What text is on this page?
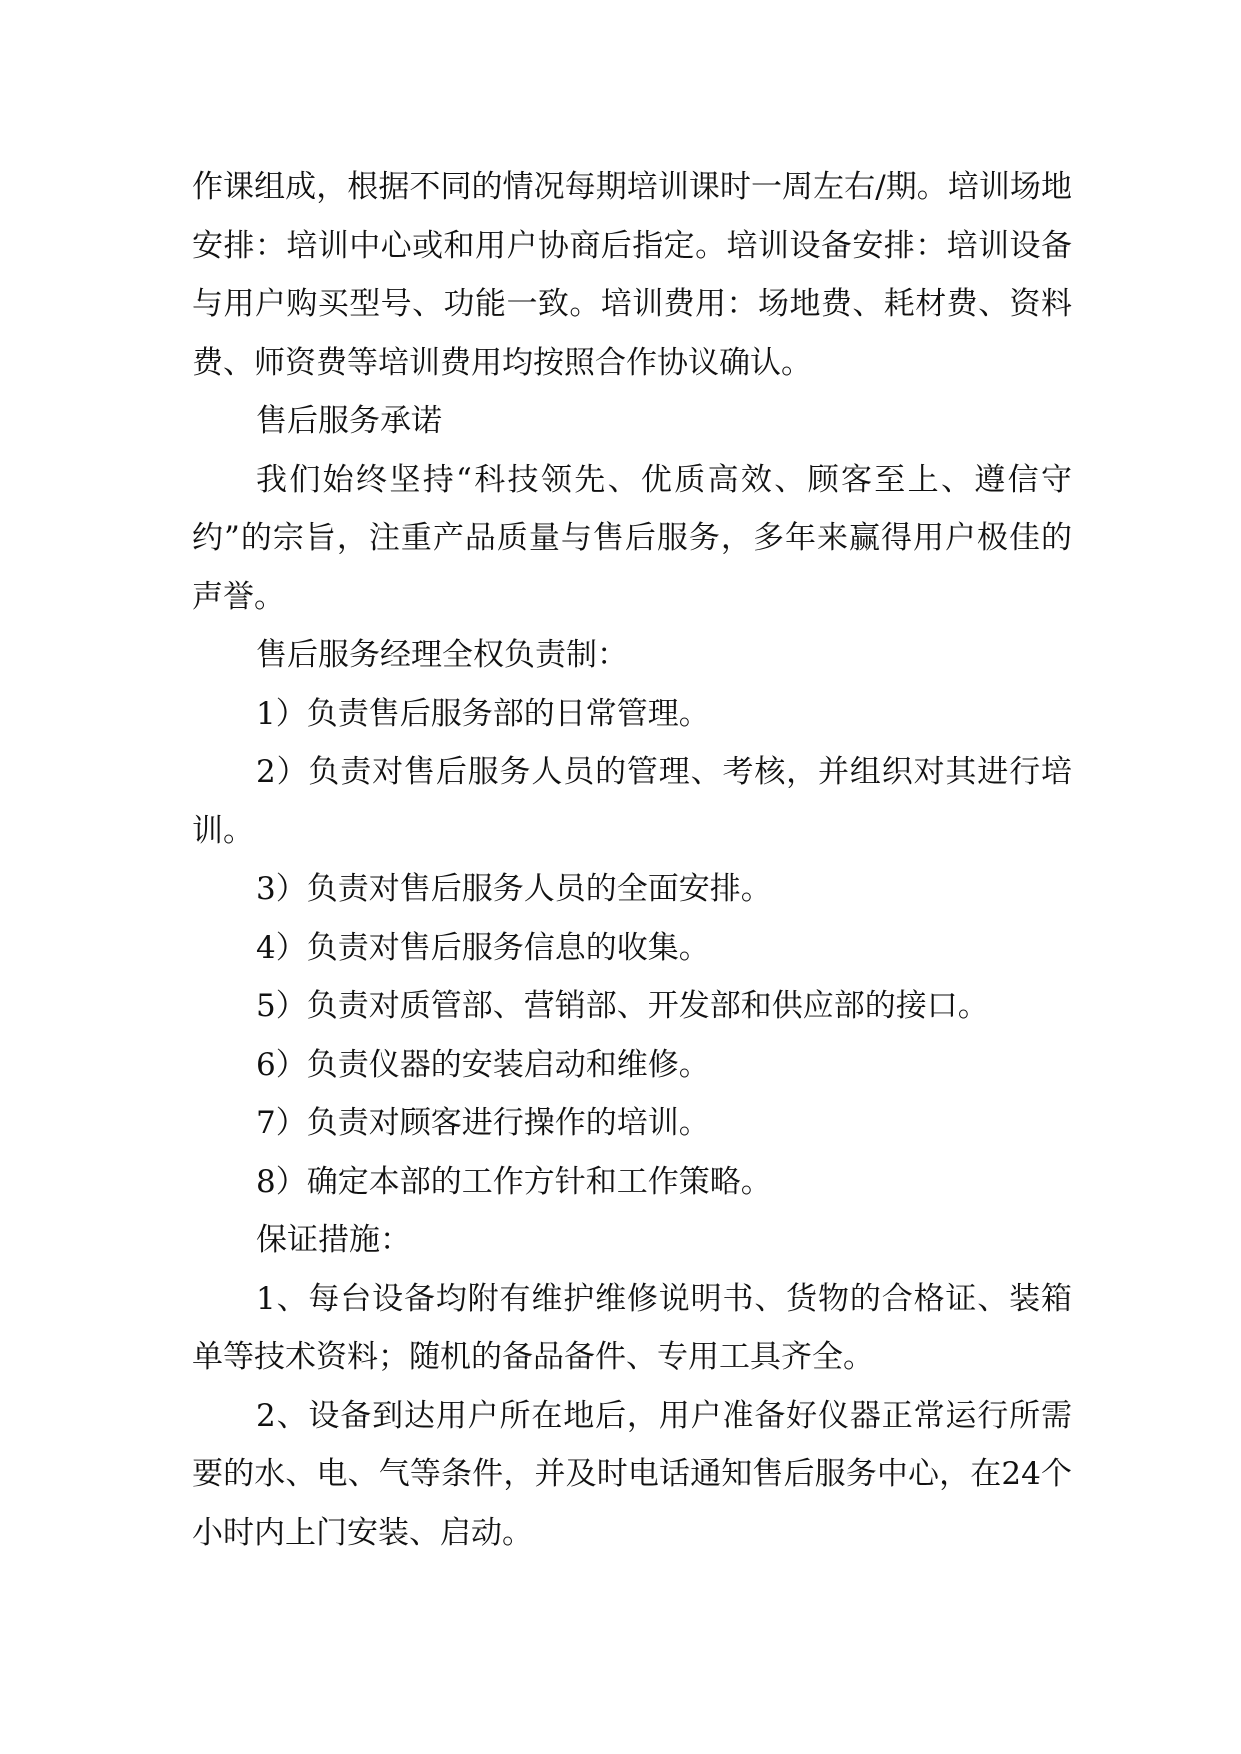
作课组成，根据不同的情况每期培训课时一周左右/期。培训场地安排：培训中心或和用户协商后指定。培训设备安排：培训设备与用户购买型号、功能一致。培训费用：场地费、耗材费、资料费、师资费等培训费用均按照合作协议确认。

售后服务承诺

我们始终坚持“科技领先、优质高效、顾客至上、遵信守约”的宗旨，注重产品质量与售后服务，多年来赢得用户极佳的声誉。

售后服务经理全权负责制：

1）负责售后服务部的日常管理。

2）负责对售后服务人员的管理、考核，并组织对其进行培训。

3）负责对售后服务人员的全面安排。

4）负责对售后服务信息的收集。

5）负责对质管部、营销部、开发部和供应部的接口。

6）负责仪器的安装启动和维修。

7）负责对顾客进行操作的培训。

8）确定本部的工作方针和工作策略。

保证措施：

1、每台设备均附有维护维修说明书、货物的合格证、装箱单等技术资料；随机的备品备件、专用工具齐全。

2、设备到达用户所在地后，用户准备好仪器正常运行所需要的水、电、气等条件，并及时电话通知售后服务中心，在24个小时内上门安装、启动。
